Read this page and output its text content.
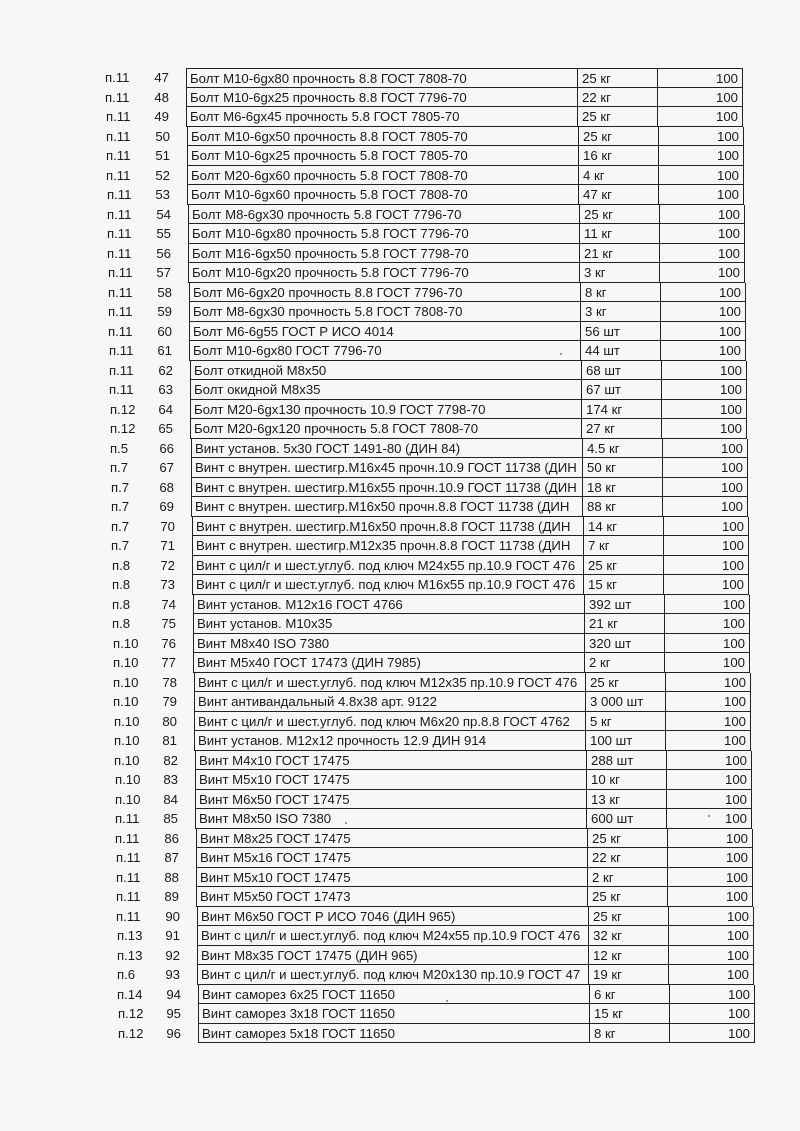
п.11	47	Болт М10-6gх80 прочность 8.8 ГОСТ 7808-70	25 кг	100
п.11	48	Болт М10-6gх25 прочность 8.8 ГОСТ 7796-70	22 кг	100
п.11	49	Болт М6-6gх45 прочность 5.8 ГОСТ 7805-70	25 кг	100
п.11	50	Болт М10-6gх50 прочность 8.8 ГОСТ 7805-70	25 кг	100
п.11	51	Болт М10-6gх25 прочность 5.8 ГОСТ 7805-70	16 кг	100
п.11	52	Болт М20-6gх60 прочность 5.8 ГОСТ 7808-70	4 кг	100
п.11	53	Болт М10-6gх60 прочность 5.8 ГОСТ 7808-70	47 кг	100
п.11	54	Болт М8-6gх30 прочность 5.8 ГОСТ 7796-70	25 кг	100
п.11	55	Болт М10-6gх80 прочность 5.8 ГОСТ 7796-70	11 кг	100
п.11	56	Болт М16-6gх50 прочность 5.8 ГОСТ 7798-70	21 кг	100
п.11	57	Болт М10-6gх20 прочность 5.8 ГОСТ 7796-70	3 кг	100
п.11	58	Болт М6-6gх20 прочность 8.8 ГОСТ 7796-70	8 кг	100
п.11	59	Болт М8-6gх30 прочность 5.8 ГОСТ 7808-70	3 кг	100
п.11	60	Болт М6-6g55 ГОСТ Р ИСО 4014	56 шт	100
п.11	61	Болт М10-6gх80 ГОСТ 7796-70	44 шт	100
п.11	62	Болт откидной М8х50	68 шт	100
п.11	63	Болт окидной М8х35	67 шт	100
п.12	64	Болт М20-6gх130 прочность 10.9 ГОСТ 7798-70	174 кг	100
п.12	65	Болт М20-6gх120 прочность 5.8 ГОСТ 7808-70	27 кг	100
п.5	66	Винт установ. 5х30 ГОСТ 1491-80 (ДИН 84)	4.5 кг	100
п.7	67	Винт с внутрен. шестигр.М16х45 прочн.10.9 ГОСТ 11738 (ДИН 50 кг	100
п.7	68	Винт с внутрен. шестигр.М16х55 прочн.10.9 ГОСТ 11738 (ДИН 18 кг	100
п.7	69	Винт с внутрен. шестигр.М16х50 прочн.8.8 ГОСТ 11738 (ДИН	88 кг	100
п.7	70	Винт с внутрен. шестигр.М16х50 прочн.8.8 ГОСТ 11738 (ДИН	14 кг	100
п.7	71	Винт с внутрен. шестигр.М12х35 прочн.8.8 ГОСТ 11738 (ДИН	7 кг	100
п.8	72	Винт с цил/г и шест.углуб. под ключ М24х55 пр.10.9 ГОСТ 476 25 кг	100
п.8	73	Винт с цил/г и шест.углуб. под ключ М16х55 пр.10.9 ГОСТ 476 15 кг	100
п.8	74	Винт установ. М12х16 ГОСТ 4766	392 шт	100
п.8	75	Винт установ. М10х35	21 кг	100
п.10	76	Винт М8х40 ISO 7380	320 шт	100
п.10	77	Винт М5х40 ГОСТ 17473 (ДИН 7985)	2 кг	100
п.10	78	Винт с цил/г и шест.углуб. под ключ М12х35 пр.10.9 ГОСТ 476 25 кг	100
п.10	79	Винт антивандальный 4.8х38 арт. 9122	3 000 шт	100
п.10	80	Винт с цил/г и шест.углуб. под ключ М6х20 пр.8.8 ГОСТ 4762	5 кг	100
п.10	81	Винт установ. М12х12 прочность 12.9 ДИН 914	100 шт	100
п.10	82	Винт М4х10 ГОСТ 17475	288 шт	100
п.10	83	Винт М5х10 ГОСТ 17475	10 кг	100
п.10	84	Винт М6х50 ГОСТ 17475	13 кг	100
п.11	85	Винт М8х50 ISO 7380	600 шт	100
п.11	86	Винт М8х25 ГОСТ 17475	25 кг	100
п.11	87	Винт М5х16 ГОСТ 17475	22 кг	100
п.11	88	Винт М5х10 ГОСТ 17475	2 кг	100
п.11	89	Винт М5х50 ГОСТ 17473	25 кг	100
п.11	90	Винт М6х50 ГОСТ Р ИСО 7046 (ДИН 965)	25 кг	100
п.13	91	Винт с цил/г и шест.углуб. под ключ М24х55 пр.10.9 ГОСТ 476 32 кг	100
п.13	92	Винт М8х35 ГОСТ 17475 (ДИН 965)	12 кг	100
п.6	93	Винт с цил/г и шест.углуб. под ключ М20х130 пр.10.9 ГОСТ 47 19 кг	100
п.14	94	Винт саморез 6х25 ГОСТ 11650	6 кг	100
п.12	95	Винт саморез 3х18 ГОСТ 11650	15 кг	100
п.12	96	Винт саморез 5х18 ГОСТ 11650	8 кг	100
